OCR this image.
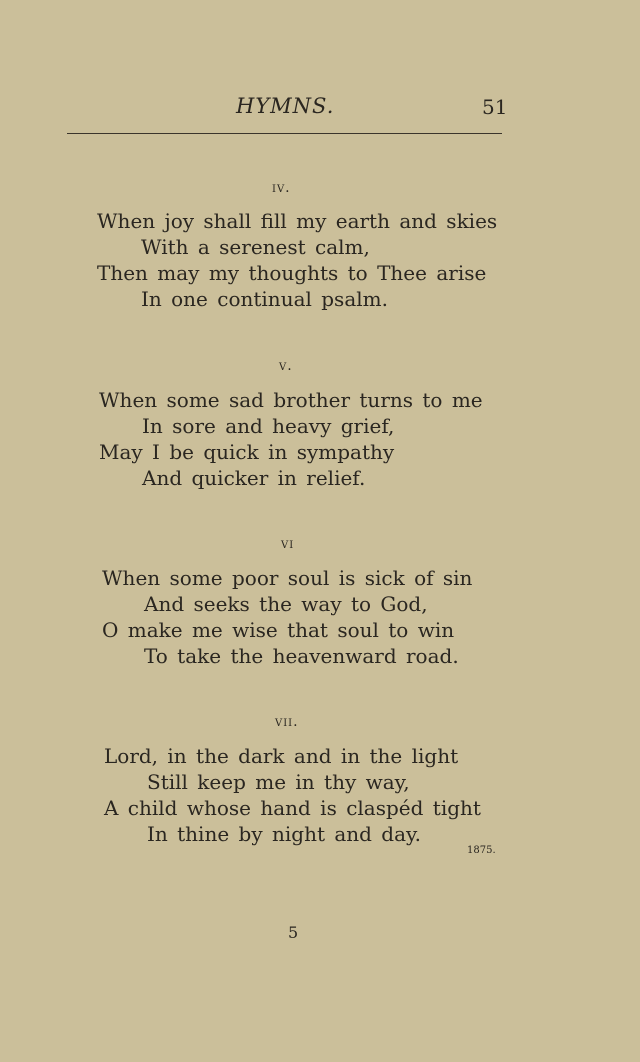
HYMNS.	51
iv.
When joy shall fill my earth and skies
With a serenest calm,
Then may my thoughts to Thee arise
In one continual psalm.
v.
When some sad brother turns to me
In sore and heavy grief,
May I be quick in sympathy
And quicker in relief.
vi
When some poor soul is sick of sin
And seeks the way to God,
O make me wise that soul to win
To take the heavenward road.
vii.
Lord, in the dark and in the light
Still keep me in thy way,
A child whose hand is claspéd tight
In thine by night and day.
1875.
5
